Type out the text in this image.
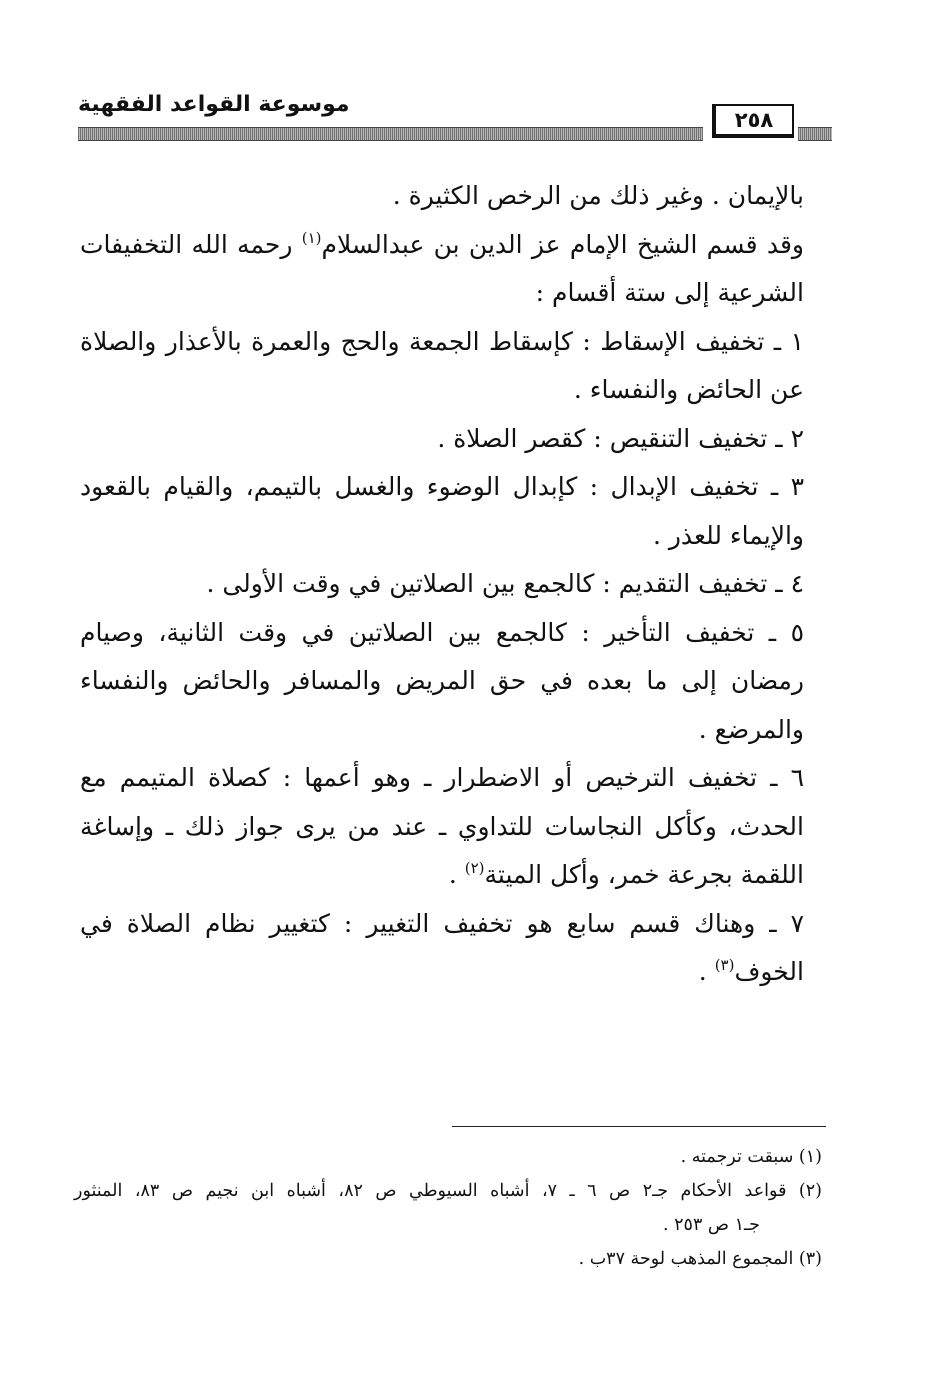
موسوعة القواعد الفقهية
٢٥٨
بالإيمان . وغير ذلك من الرخص الكثيرة .
وقد قسم الشيخ الإمام عز الدين بن عبدالسلام$^{(١)}$ رحمه الله التخفيفات
الشرعية إلى ستة أقسام :
١ ـ تخفيف الإسقاط : كإسقاط الجمعة والحج والعمرة بالأعذار والصلاة
عن الحائض والنفساء .
٢ ـ تخفيف التنقيص : كقصر الصلاة .
٣ ـ تخفيف الإبدال : كإبدال الوضوء والغسل بالتيمم، والقيام بالقعود
والإيماء للعذر .
٤ ـ تخفيف التقديم : كالجمع بين الصلاتين في وقت الأولى .
٥ ـ تخفيف التأخير : كالجمع بين الصلاتين في وقت الثانية، وصيام
رمضان إلى ما بعده في حق المريض والمسافر والحائض والنفساء
والمرضع .
٦ ـ تخفيف الترخيص أو الاضطرار ـ وهو أعمها : كصلاة المتيمم مع
الحدث، وكأكل النجاسات للتداوي ـ عند من يرى جواز ذلك ـ وإساغة
اللقمة بجرعة خمر، وأكل الميتة$^{(٢)}$ .
٧ ـ وهناك قسم سابع هو تخفيف التغيير : كتغيير نظام الصلاة في
الخوف$^{(٣)}$ .
(١) سبقت ترجمته .
(٢) قواعد الأحكام جـ٢ ص ٦ ـ ٧، أشباه السيوطي ص ٨٢، أشباه ابن نجيم ص ٨٣، المنثور
جـ١ ص ٢٥٣ .
(٣) المجموع المذهب لوحة ٣٧ب .
